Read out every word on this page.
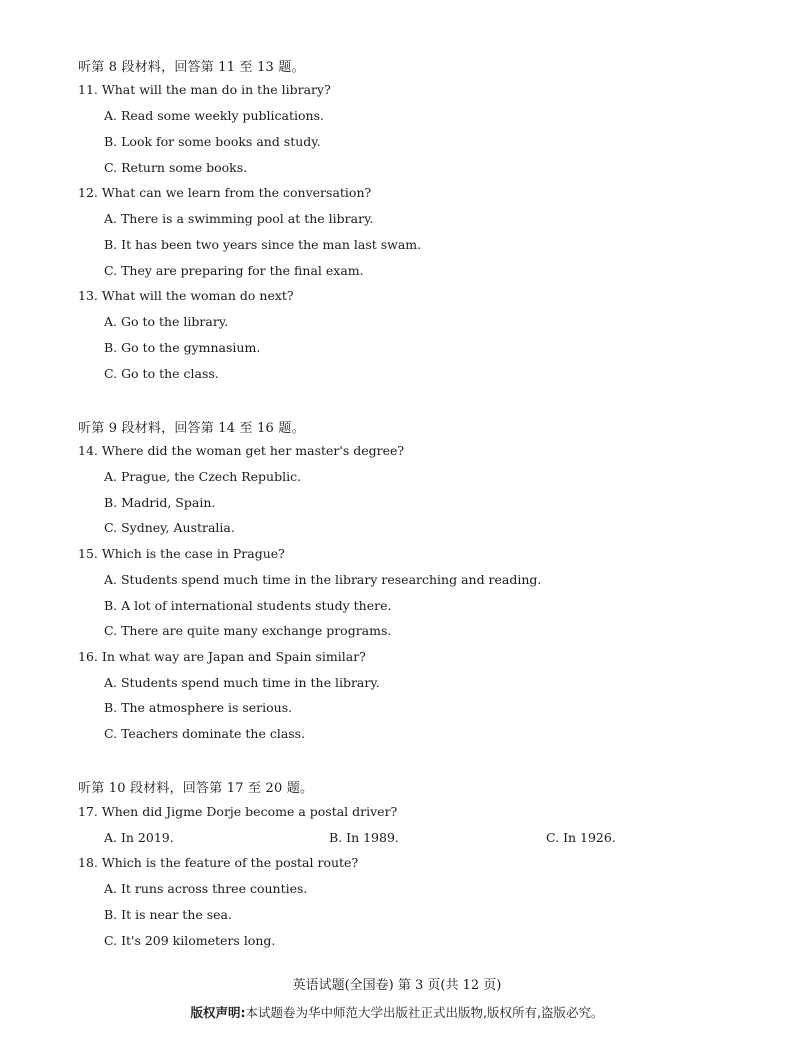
听第 8 段材料，回答第 11 至 13 题。
11. What will the man do in the library?
A. Read some weekly publications.
B. Look for some books and study.
C. Return some books.
12. What can we learn from the conversation?
A. There is a swimming pool at the library.
B. It has been two years since the man last swam.
C. They are preparing for the final exam.
13. What will the woman do next?
A. Go to the library.
B. Go to the gymnasium.
C. Go to the class.
听第 9 段材料，回答第 14 至 16 题。
14. Where did the woman get her master's degree?
A. Prague, the Czech Republic.
B. Madrid, Spain.
C. Sydney, Australia.
15. Which is the case in Prague?
A. Students spend much time in the library researching and reading.
B. A lot of international students study there.
C. There are quite many exchange programs.
16. In what way are Japan and Spain similar?
A. Students spend much time in the library.
B. The atmosphere is serious.
C. Teachers dominate the class.
听第 10 段材料，回答第 17 至 20 题。
17. When did Jigme Dorje become a postal driver?
A. In 2019.	B. In 1989.	C. In 1926.
18. Which is the feature of the postal route?
A. It runs across three counties.
B. It is near the sea.
C. It's 209 kilometers long.
英语试题(全国卷) 第 3 页(共 12 页)
版权声明:本试题卷为华中师范大学出版社正式出版物,版权所有,盗版必究。
